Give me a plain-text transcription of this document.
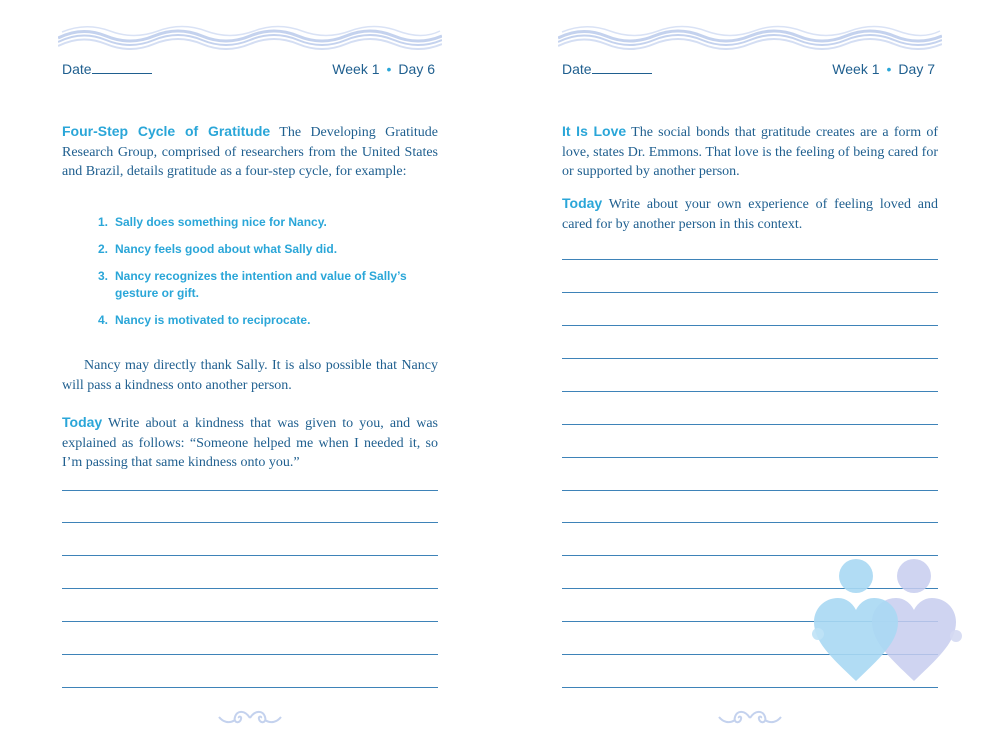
Date	Week 1 • Day 6
Four-Step Cycle of Gratitude The Developing Gratitude Research Group, comprised of researchers from the United States and Brazil, details gratitude as a four-step cycle, for example:
1. Sally does something nice for Nancy.
2. Nancy feels good about what Sally did.
3. Nancy recognizes the intention and value of Sally’s gesture or gift.
4. Nancy is motivated to reciprocate.
Nancy may directly thank Sally. It is also possible that Nancy will pass a kindness onto another person.
Today Write about a kindness that was given to you, and was explained as follows: “Someone helped me when I needed it, so I’m passing that same kindness onto you.”
Date	Week 1 • Day 7
It Is Love The social bonds that gratitude creates are a form of love, states Dr. Emmons. That love is the feeling of being cared for or supported by another person.
Today Write about your own experience of feeling loved and cared for by another person in this context.
